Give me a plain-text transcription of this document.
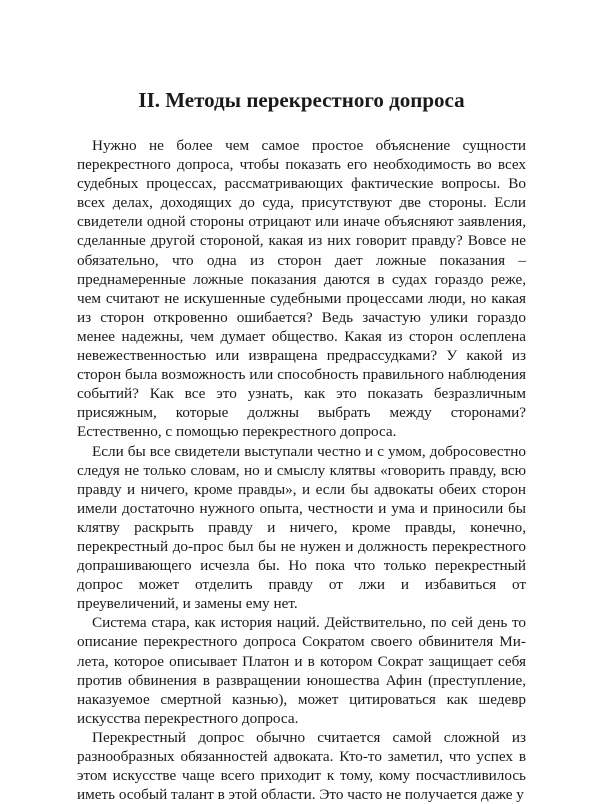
II. Методы перекрестного допроса

Нужно не более чем самое простое объяснение сущности перекрестного допроса, чтобы показать его необходимость во всех судебных процессах, рассматривающих фактические вопросы. Во всех делах, доходящих до суда, присутствуют две стороны. Если свидетели одной стороны отрицают или иначе объясняют заявления, сделанные другой стороной, какая из них говорит правду? Вовсе не обязательно, что одна из сторон дает ложные показания – преднамеренные ложные показания даются в судах гораздо реже, чем считают не искушенные судебными процессами люди, но какая из сторон откровенно ошибается? Ведь зачастую улики гораздо менее надежны, чем думает общество. Какая из сторон ослеплена невежественностью или извращена предрассудками? У какой из сторон была возможность или способность правильного наблюдения событий? Как все это узнать, как это показать безразличным присяжным, которые должны выбрать между сторонами? Естественно, с помощью перекрестного допроса.

Если бы все свидетели выступали честно и с умом, добросовестно следуя не только словам, но и смыслу клятвы «говорить правду, всю правду и ничего, кроме правды», и если бы адвокаты обеих сторон имели достаточно нужного опыта, честности и ума и приносили бы клятву раскрыть правду и ничего, кроме правды, конечно, перекрестный до-прос был бы не нужен и должность перекрестного допрашивающего исчезла бы. Но пока что только перекрестный допрос может отделить правду от лжи и избавиться от преувеличений, и замены ему нет.

Система стара, как история наций. Действительно, по сей день то описание перекрестного допроса Сократом своего обвинителя Ми-лета, которое описывает Платон и в котором Сократ защищает себя против обвинения в развращении юношества Афин (преступление, наказуемое смертной казнью), может цитироваться как шедевр искусства перекрестного допроса.

Перекрестный допрос обычно считается самой сложной из разнообразных обязанностей адвоката. Кто-то заметил, что успех в этом искусстве чаще всего приходит к тому, кому посчастливилось иметь особый талант в этой области. Это часто не получается даже у
